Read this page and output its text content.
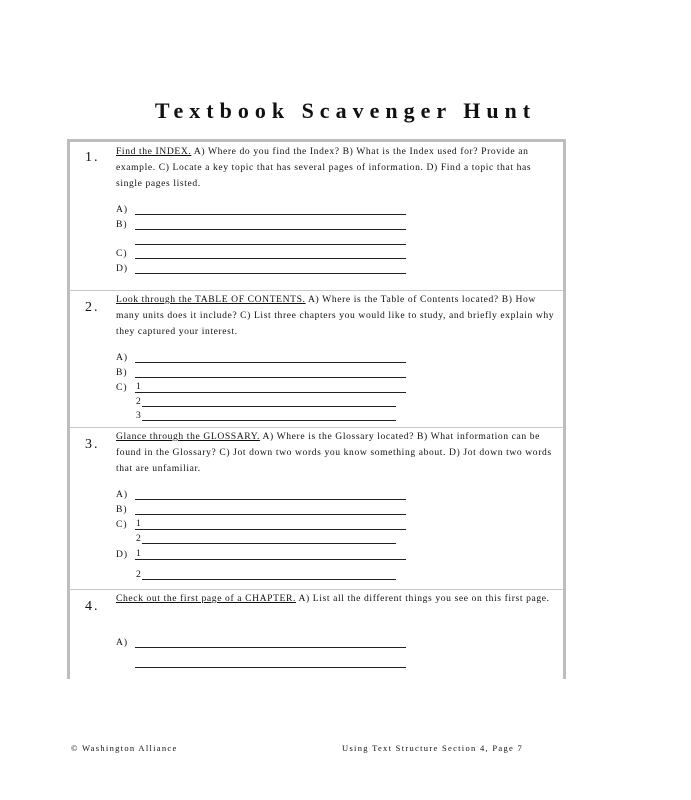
Textbook Scavenger Hunt
1. Find the INDEX. A) Where do you find the Index? B) What is the Index used for? Provide an example. C) Locate a key topic that has several pages of information. D) Find a topic that has single pages listed.
A)
B)
C)
D)
2.
Look through the TABLE OF CONTENTS. A) Where is the Table of Contents located? B) How many units does it include? C) List three chapters you would like to study, and briefly explain why they captured your interest.
A)
B)
C) 1
2
3
3.
Glance through the GLOSSARY. A) Where is the Glossary located? B) What information can be found in the Glossary? C) Jot down two words you know something about. D) Jot down two words that are unfamiliar.
A)
B)
C) 1
2
D) 1
2
4.
Check out the first page of a CHAPTER. A) List all the different things you see on this first page.
A)
© Washington Alliance	Using Text Structure Section 4, Page 7
